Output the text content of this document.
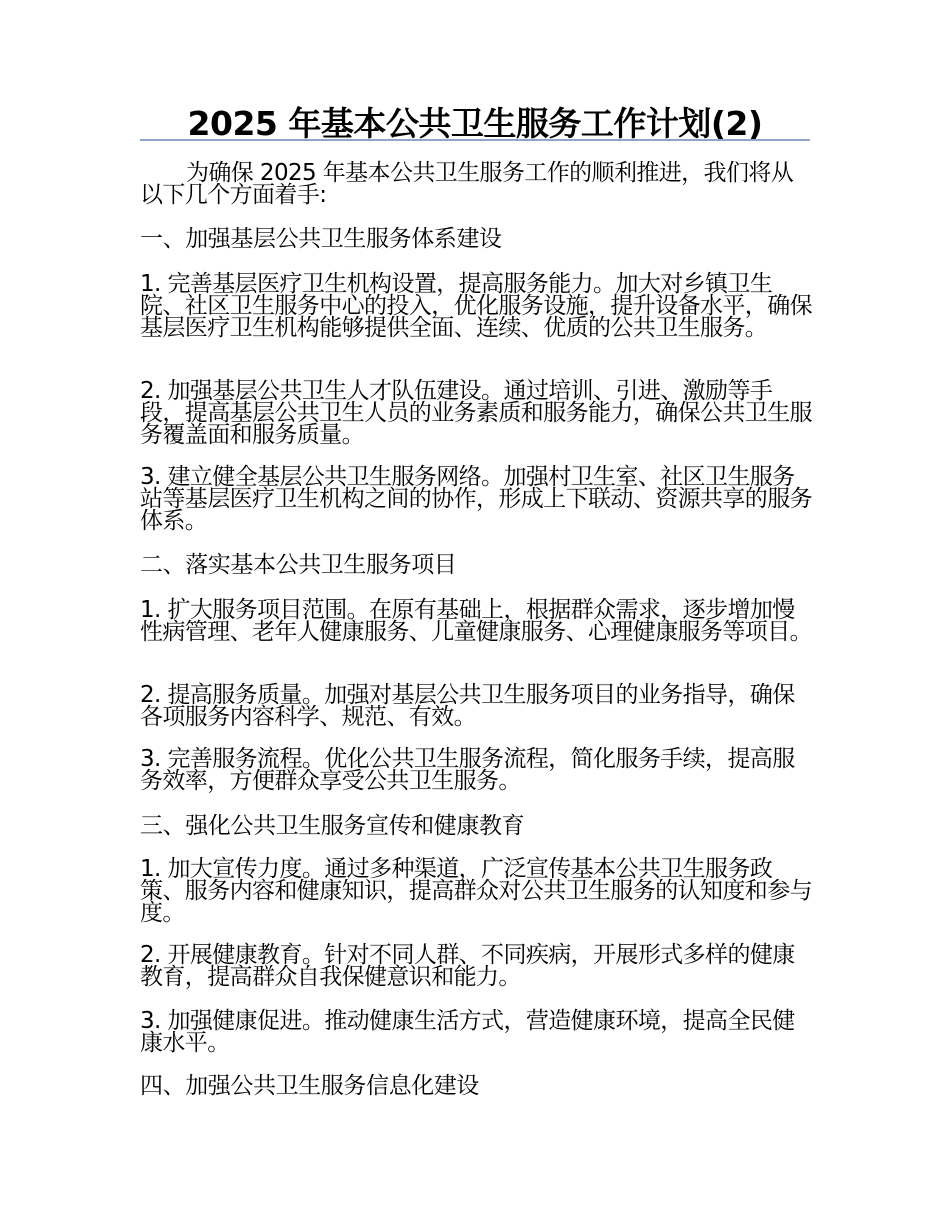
2025 年基本公共卫生服务工作计划(2)

为确保 2025 年基本公共卫生服务工作的顺利推进，我们将从以下几个方面着手:

一、加强基层公共卫生服务体系建设

1. 完善基层医疗卫生机构设置，提高服务能力。加大对乡镇卫生院、社区卫生服务中心的投入，优化服务设施，提升设备水平，确保基层医疗卫生机构能够提供全面、连续、优质的公共卫生服务。

2. 加强基层公共卫生人才队伍建设。通过培训、引进、激励等手段，提高基层公共卫生人员的业务素质和服务能力，确保公共卫生服务覆盖面和服务质量。

3. 建立健全基层公共卫生服务网络。加强村卫生室、社区卫生服务站等基层医疗卫生机构之间的协作，形成上下联动、资源共享的服务体系。

二、落实基本公共卫生服务项目

1. 扩大服务项目范围。在原有基础上，根据群众需求，逐步增加慢性病管理、老年人健康服务、儿童健康服务、心理健康服务等项目。

2. 提高服务质量。加强对基层公共卫生服务项目的业务指导，确保各项服务内容科学、规范、有效。

3. 完善服务流程。优化公共卫生服务流程，简化服务手续，提高服务效率，方便群众享受公共卫生服务。

三、强化公共卫生服务宣传和健康教育

1. 加大宣传力度。通过多种渠道，广泛宣传基本公共卫生服务政策、服务内容和健康知识，提高群众对公共卫生服务的认知度和参与度。

2. 开展健康教育。针对不同人群、不同疾病，开展形式多样的健康教育，提高群众自我保健意识和能力。

3. 加强健康促进。推动健康生活方式，营造健康环境，提高全民健康水平。

四、加强公共卫生服务信息化建设
